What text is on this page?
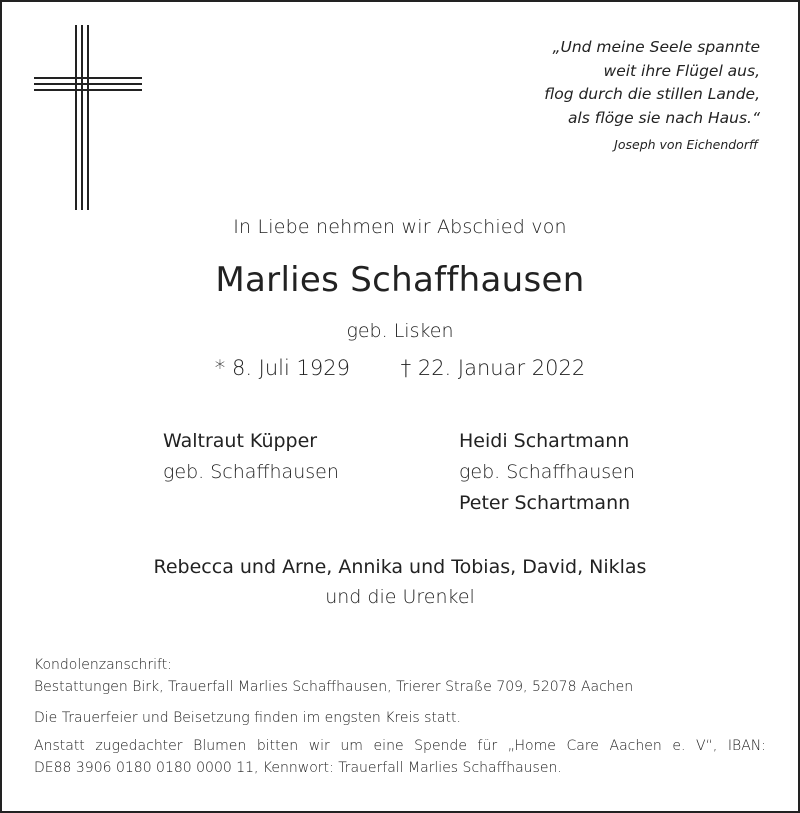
„Und meine Seele spannte
weit ihre Flügel aus,
flog durch die stillen Lande,
als flöge sie nach Haus.“
Joseph von Eichendorff
In Liebe nehmen wir Abschied von
Marlies Schaffhausen
geb. Lisken
* 8. Juli 1929 † 22. Januar 2022
Waltraut Küpper
geb. Schaffhausen
Heidi Schartmann
geb. Schaffhausen
Peter Schartmann
Rebecca und Arne, Annika und Tobias, David, Niklas
und die Urenkel
Kondolenzanschrift:
Bestattungen Birk, Trauerfall Marlies Schaffhausen, Trierer Straße 709, 52078 Aachen
Die Trauerfeier und Beisetzung finden im engsten Kreis statt.
Anstatt zugedachter Blumen bitten wir um eine Spende für „Home Care Aachen e. V“, IBAN:
DE88 3906 0180 0180 0000 11, Kennwort: Trauerfall Marlies Schaffhausen.
